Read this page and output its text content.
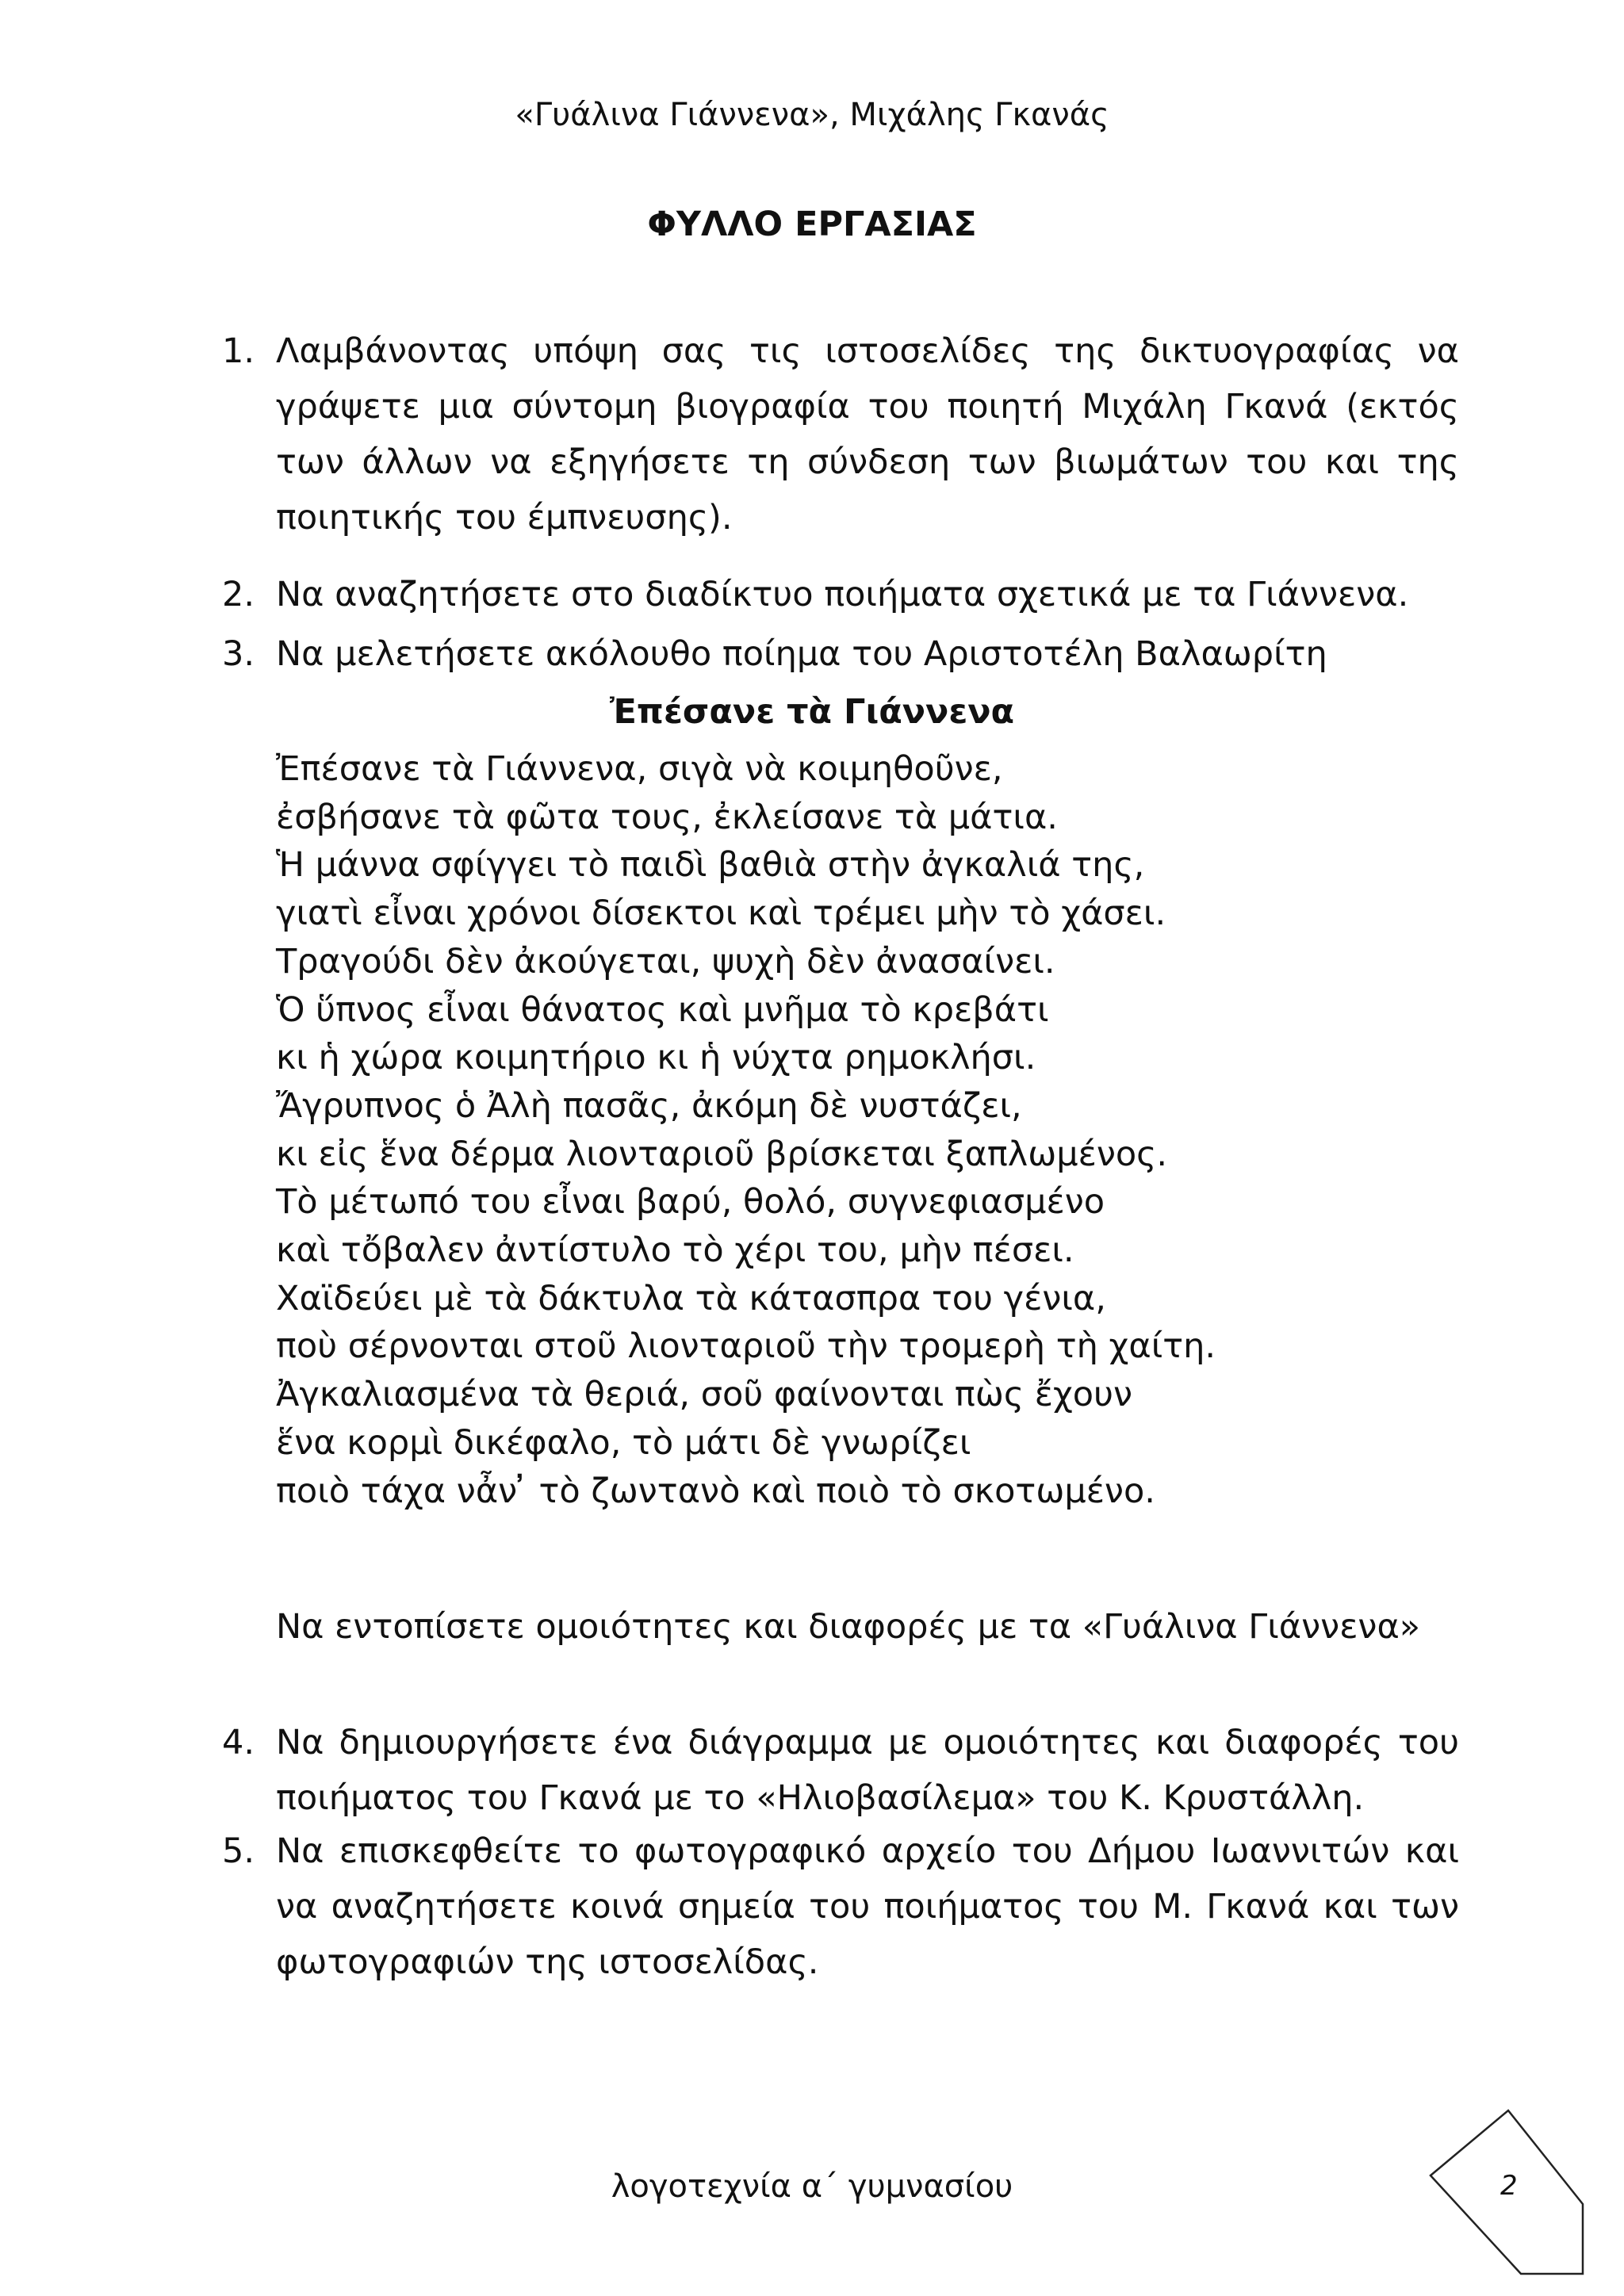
«Γυάλινα Γιάννενα», Μιχάλης Γκανάς
ΦΥΛΛΟ ΕΡΓΑΣΙΑΣ
1. Λαμβάνοντας υπόψη σας τις ιστοσελίδες της δικτυογραφίας να γράψετε μια σύντομη βιογραφία του ποιητή Μιχάλη Γκανά (εκτός των άλλων να εξηγήσετε τη σύνδεση των βιωμάτων του και της ποιητικής του έμπνευσης).
2. Να αναζητήσετε στο διαδίκτυο ποιήματα σχετικά με τα Γιάννενα.
3. Να μελετήσετε ακόλουθο ποίημα του Αριστοτέλη Βαλαωρίτη
Ἐπέσανε τὰ Γιάννενα
Ἐπέσανε τὰ Γιάννενα, σιγὰ νὰ κοιμηθοῦνε,
ἐσβήσανε τὰ φῶτα τους, ἐκλείσανε τὰ μάτια.
Ἡ μάννα σφίγγει τὸ παιδὶ βαθιὰ στὴν ἀγκαλιά της,
γιατὶ εἶναι χρόνοι δίσεκτοι καὶ τρέμει μὴν τὸ χάσει.
Τραγούδι δὲν ἀκούγεται, ψυχὴ δὲν ἀνασαίνει.
Ὁ ὕπνος εἶναι θάνατος καὶ μνῆμα τὸ κρεβάτι
κι ἡ χώρα κοιμητήριο κι ἡ νύχτα ρημοκλήσι.
Ἄγρυπνος ὁ Ἀλὴ πασᾶς, ἀκόμη δὲ νυστάζει,
κι εἰς ἕνα δέρμα λιονταριοῦ βρίσκεται ξαπλωμένος.
Τὸ μέτωπό του εἶναι βαρύ, θολό, συγνεφιασμένο
καὶ τὄβαλεν ἀντίστυλο τὸ χέρι του, μὴν πέσει.
Χαϊδεύει μὲ τὰ δάκτυλα τὰ κάτασπρα του γένια,
ποὺ σέρνονται στοῦ λιονταριοῦ τὴν τρομερὴ τὴ χαίτη.
Ἀγκαλιασμένα τὰ θεριά, σοῦ φαίνονται πὼς ἔχουν
ἕνα κορμὶ δικέφαλο, τὸ μάτι δὲ γνωρίζει
ποιὸ τάχα νἆν ̓ τὸ ζωντανὸ καὶ ποιὸ τὸ σκοτωμένο.
Να εντοπίσετε ομοιότητες και διαφορές με τα «Γυάλινα Γιάννενα»
4. Να δημιουργήσετε ένα διάγραμμα με ομοιότητες και διαφορές του ποιήματος του Γκανά με το «Ηλιοβασίλεμα» του Κ. Κρυστάλλη.
5. Να επισκεφθείτε το φωτογραφικό αρχείο του Δήμου Ιωαννιτών και να αναζητήσετε κοινά σημεία του ποιήματος του Μ. Γκανά και των φωτογραφιών της ιστοσελίδας.
λογοτεχνία α΄ γυμνασίου	2
